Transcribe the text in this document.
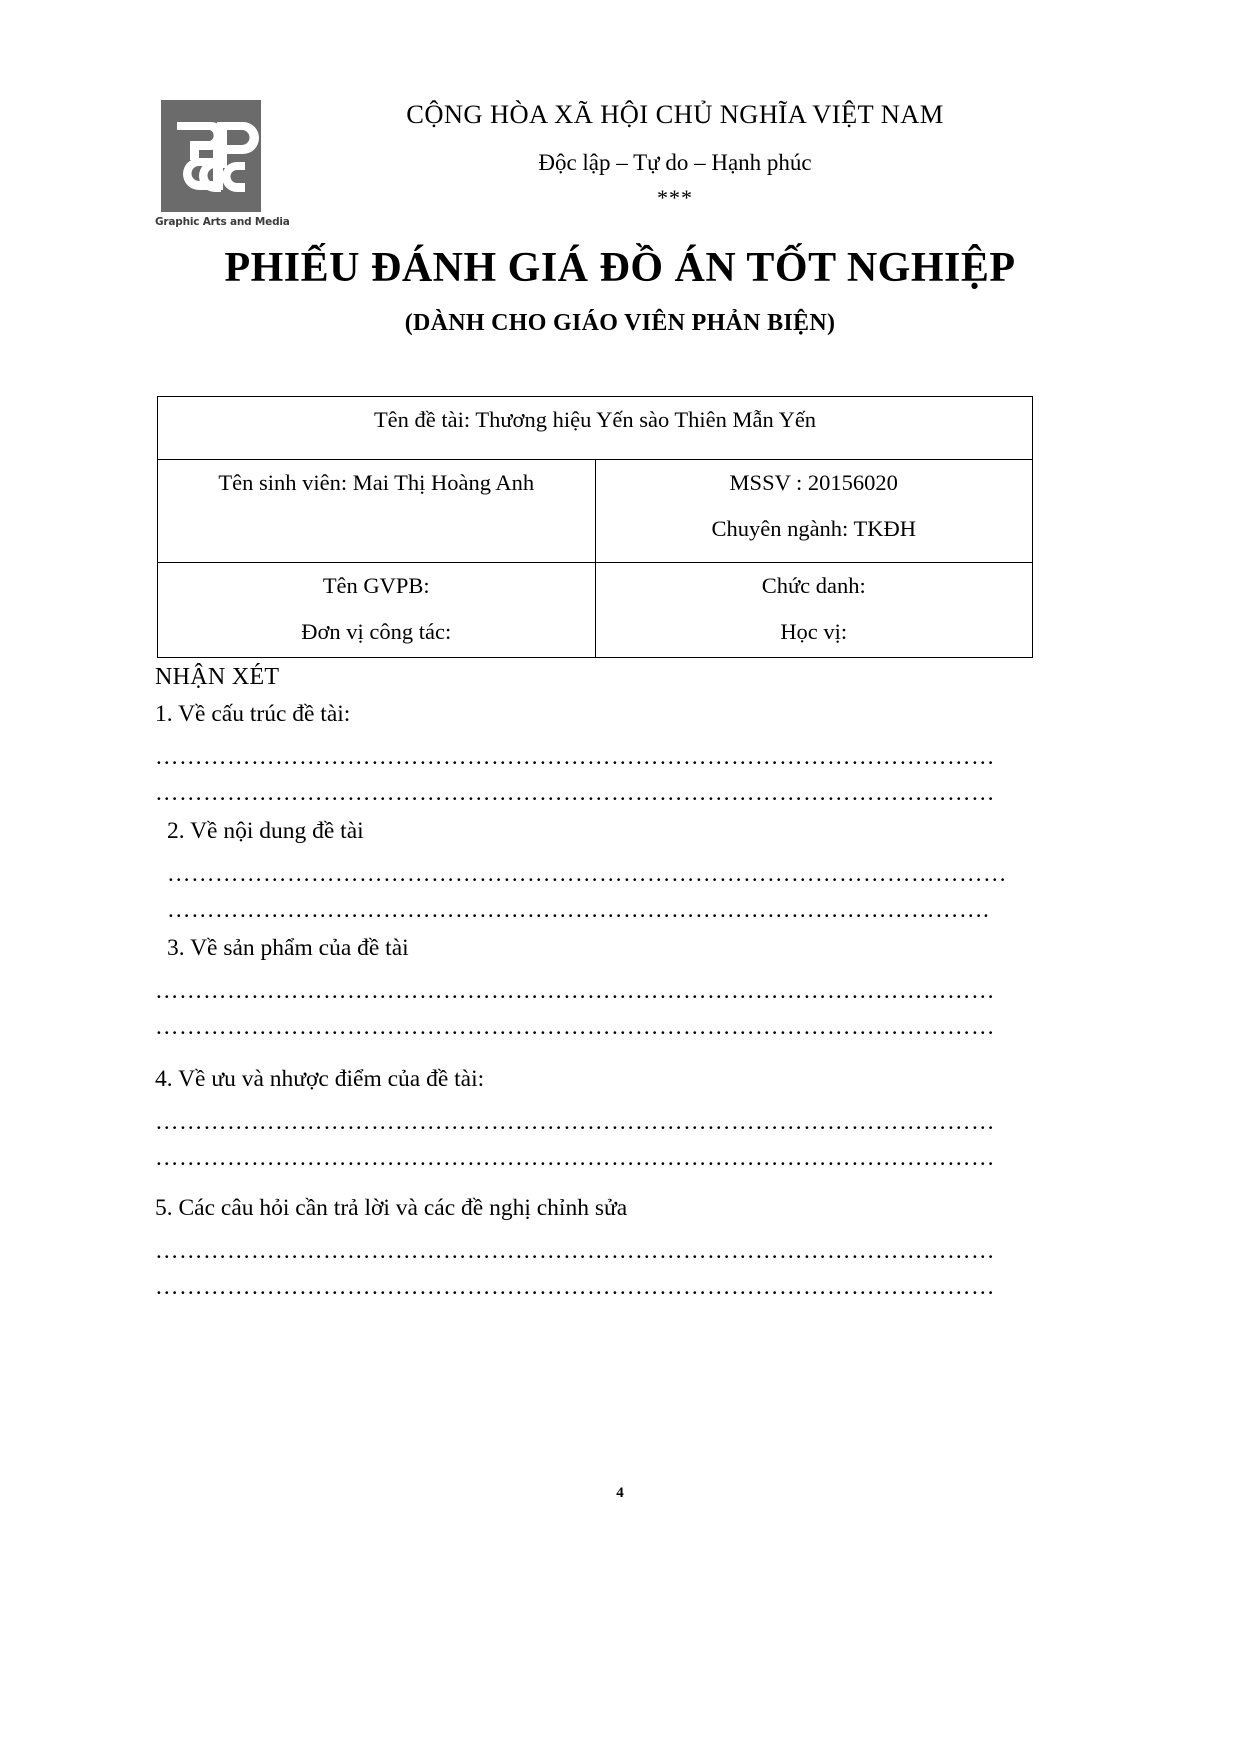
Graphic Arts and Media
CỘNG HÒA XÃ HỘI CHỦ NGHĨA VIỆT NAM
Độc lập – Tự do – Hạnh phúc
***
PHIẾU ĐÁNH GIÁ ĐỒ ÁN TỐT NGHIỆP
(DÀNH CHO GIÁO VIÊN PHẢN BIỆN)
Tên đề tài: Thương hiệu Yến sào Thiên Mẫn Yến	
Tên sinh viên: Mai Thị Hoàng Anh	MSSV : 20156020
Chuyên ngành: TKĐH

Tên GVPB:
Đơn vị công tác:

Chức danh:
Học vị:
NHẬN XÉT
1. Về cấu trúc đề tài:
……………………………………………………………………………………………
……………………………………………………………………………………………
2. Về nội dung đề tài
……………………………………………………………………………………………
………………………………………………………………………………………….
3. Về sản phẩm của đề tài
……………………………………………………………………………………………
……………………………………………………………………………………………
4. Về ưu và nhược điểm của đề tài:
……………………………………………………………………………………………
……………………………………………………………………………………………
5. Các câu hỏi cần trả lời và các đề nghị chỉnh sửa
……………………………………………………………………………………………
……………………………………………………………………………………………
4
